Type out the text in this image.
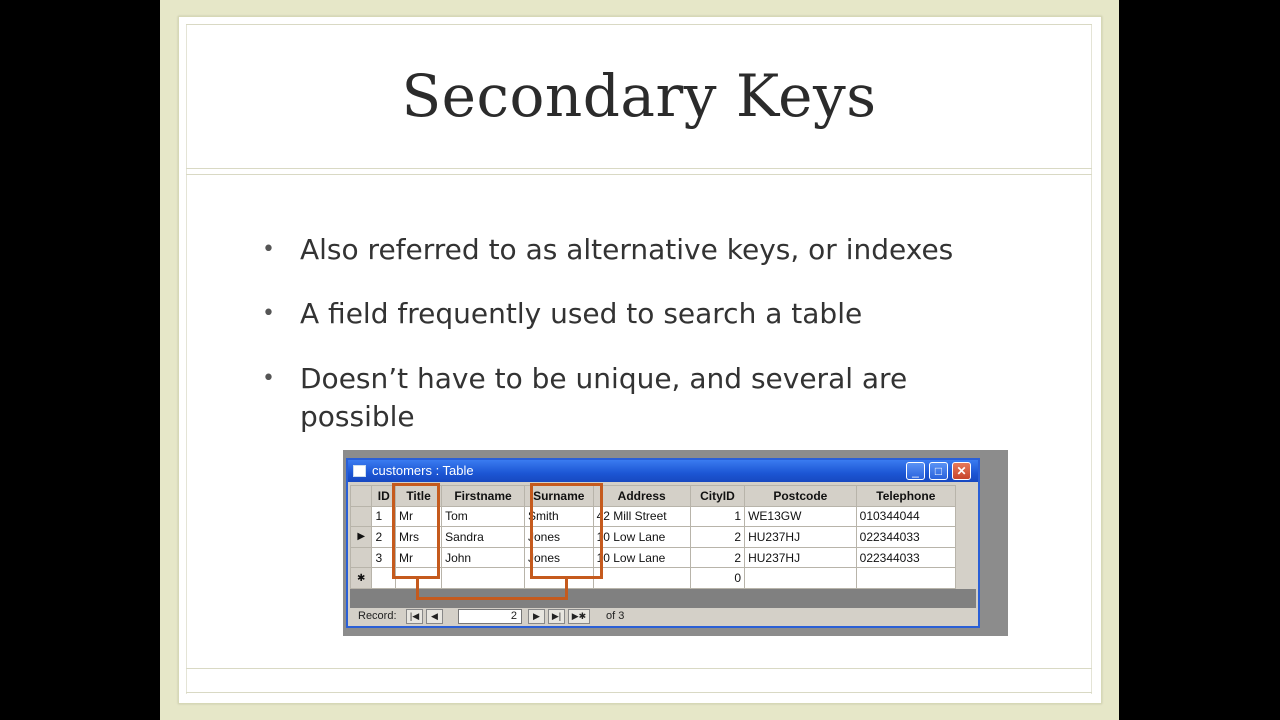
Secondary Keys
• Also referred to as alternative keys, or indexes
• A field frequently used to search a table
• Doesn’t have to be unique, and several are possible
customers : Table	_	□	✕
	ID	Title	Firstname	Surname	Address	CityID	Postcode	Telephone
	1	Mr	Tom	Smith	42 Mill Street	1	WE13GW	010344044
▶	2	Mrs	Sandra	Jones	10 Low Lane	2	HU237HJ	022344033
	3	Mr	John	Jones	10 Low Lane	2	HU237HJ	022344033
✱						0		
Record:	|◀	◀	2	▶	▶|	▶✱	of 3
